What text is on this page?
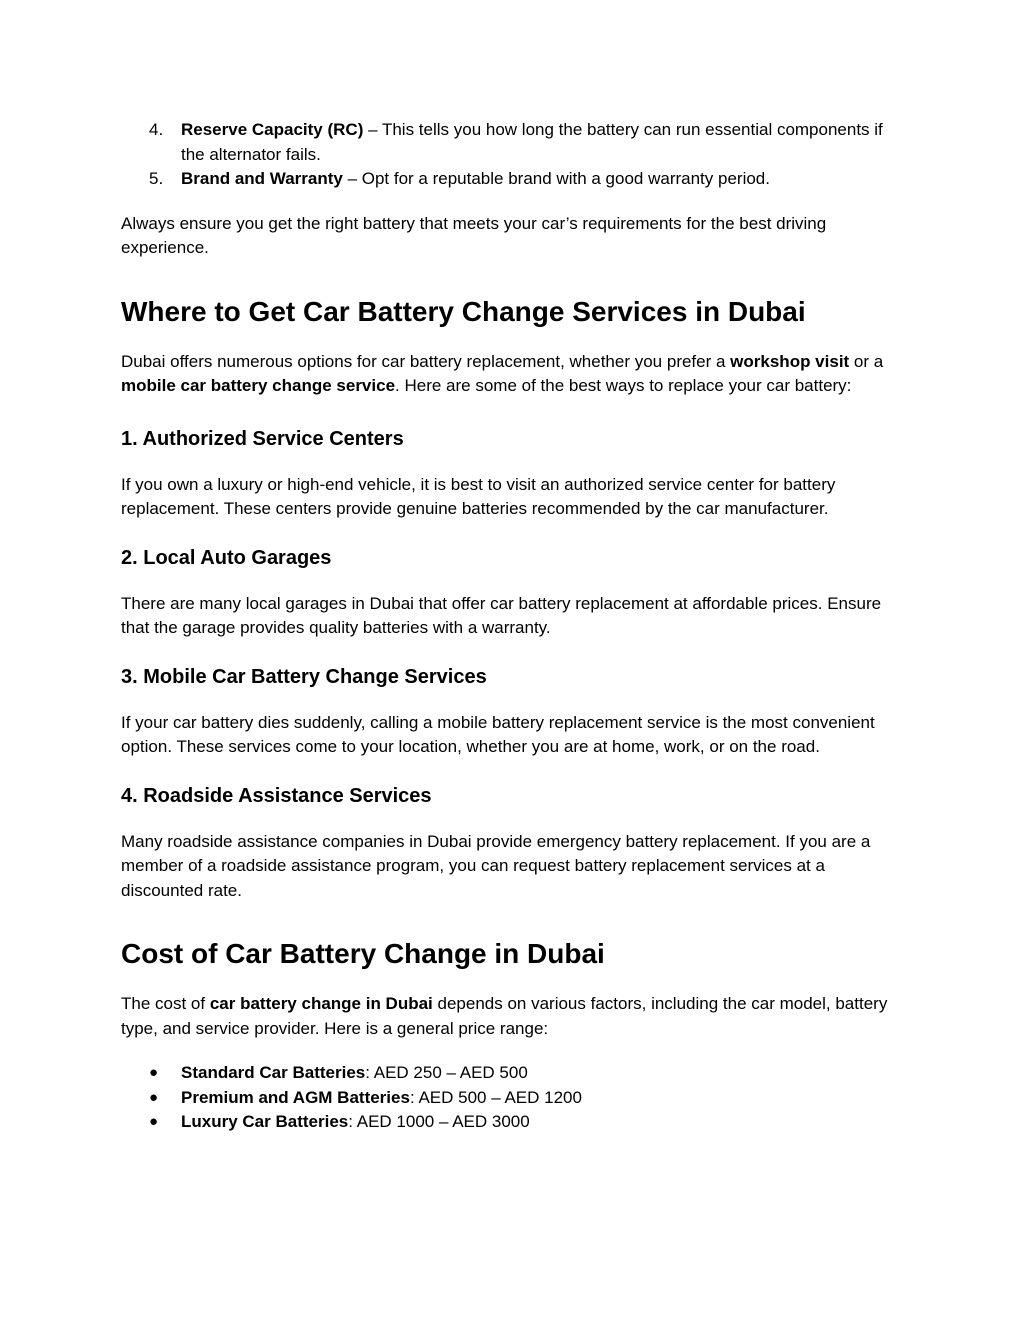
4. Reserve Capacity (RC) – This tells you how long the battery can run essential components if the alternator fails.
5. Brand and Warranty – Opt for a reputable brand with a good warranty period.

Always ensure you get the right battery that meets your car’s requirements for the best driving experience.

Where to Get Car Battery Change Services in Dubai

Dubai offers numerous options for car battery replacement, whether you prefer a workshop visit or a mobile car battery change service. Here are some of the best ways to replace your car battery:

1. Authorized Service Centers

If you own a luxury or high-end vehicle, it is best to visit an authorized service center for battery replacement. These centers provide genuine batteries recommended by the car manufacturer.

2. Local Auto Garages

There are many local garages in Dubai that offer car battery replacement at affordable prices. Ensure that the garage provides quality batteries with a warranty.

3. Mobile Car Battery Change Services

If your car battery dies suddenly, calling a mobile battery replacement service is the most convenient option. These services come to your location, whether you are at home, work, or on the road.

4. Roadside Assistance Services

Many roadside assistance companies in Dubai provide emergency battery replacement. If you are a member of a roadside assistance program, you can request battery replacement services at a discounted rate.

Cost of Car Battery Change in Dubai

The cost of car battery change in Dubai depends on various factors, including the car model, battery type, and service provider. Here is a general price range:

● Standard Car Batteries: AED 250 – AED 500
● Premium and AGM Batteries: AED 500 – AED 1200
● Luxury Car Batteries: AED 1000 – AED 3000
